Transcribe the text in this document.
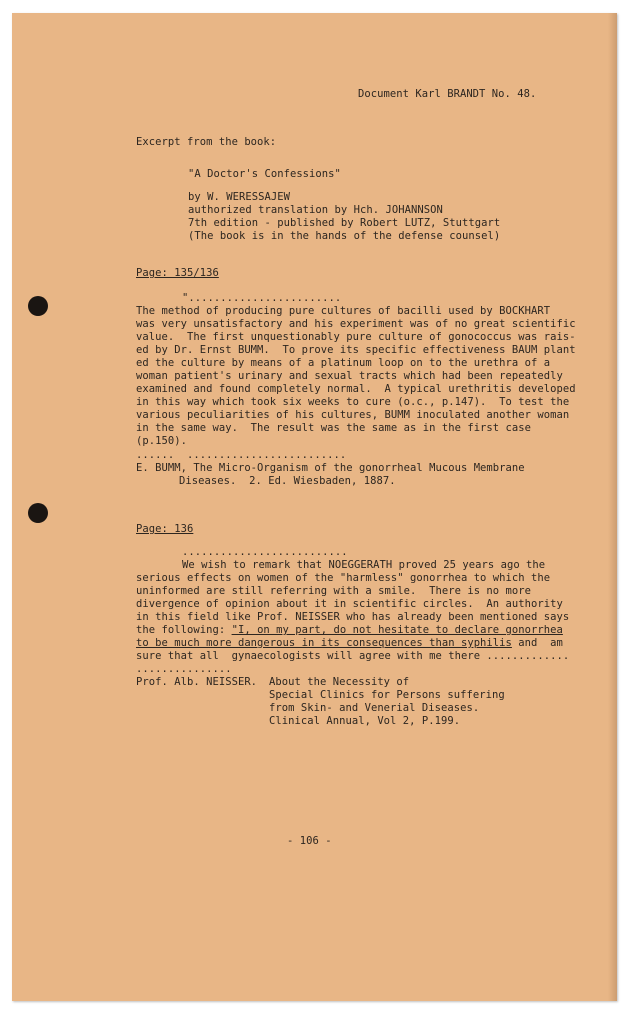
Document Karl BRANDT No. 48.
Excerpt from the book:
"A Doctor's Confessions"
by W. WERESSAJEW
authorized translation by Hch. JOHANNSON
7th edition - published by Robert LUTZ, Stuttgart
(The book is in the hands of the defense counsel)
Page: 135/136
"........................
The method of producing pure cultures of bacilli used by BOCKHART
was very unsatisfactory and his experiment was of no great scientific
value.  The first unquestionably pure culture of gonococcus was rais-
ed by Dr. Ernst BUMM.  To prove its specific effectiveness BAUM plant
ed the culture by means of a platinum loop on to the urethra of a
woman patient's urinary and sexual tracts which had been repeatedly
examined and found completely normal.  A typical urethritis developed
in this way which took six weeks to cure (o.c., p.147).  To test the
various peculiarities of his cultures, BUMM inoculated another woman
in the same way.  The result was the same as in the first case
(p.150).
......  .........................
E. BUMM, The Micro-Organism of the gonorrheal Mucous Membrane
Diseases.  2. Ed. Wiesbaden, 1887.
Page: 136
..........................
We wish to remark that NOEGGERATH proved 25 years ago the
serious effects on women of the "harmless" gonorrhea to which the
uninformed are still referring with a smile.  There is no more
divergence of opinion about it in scientific circles.  An authority
in this field like Prof. NEISSER who has already been mentioned says
the following: "I, on my part, do not hesitate to declare gonorrhea
to be much more dangerous in its consequences than syphilis and  am
sure that all  gynaecologists will agree with me there .............
...............
Prof. Alb. NEISSER. About the Necessity of
Special Clinics for Persons suffering
from Skin- and Venerial Diseases.
Clinical Annual, Vol 2, P.199.
- 106 -
